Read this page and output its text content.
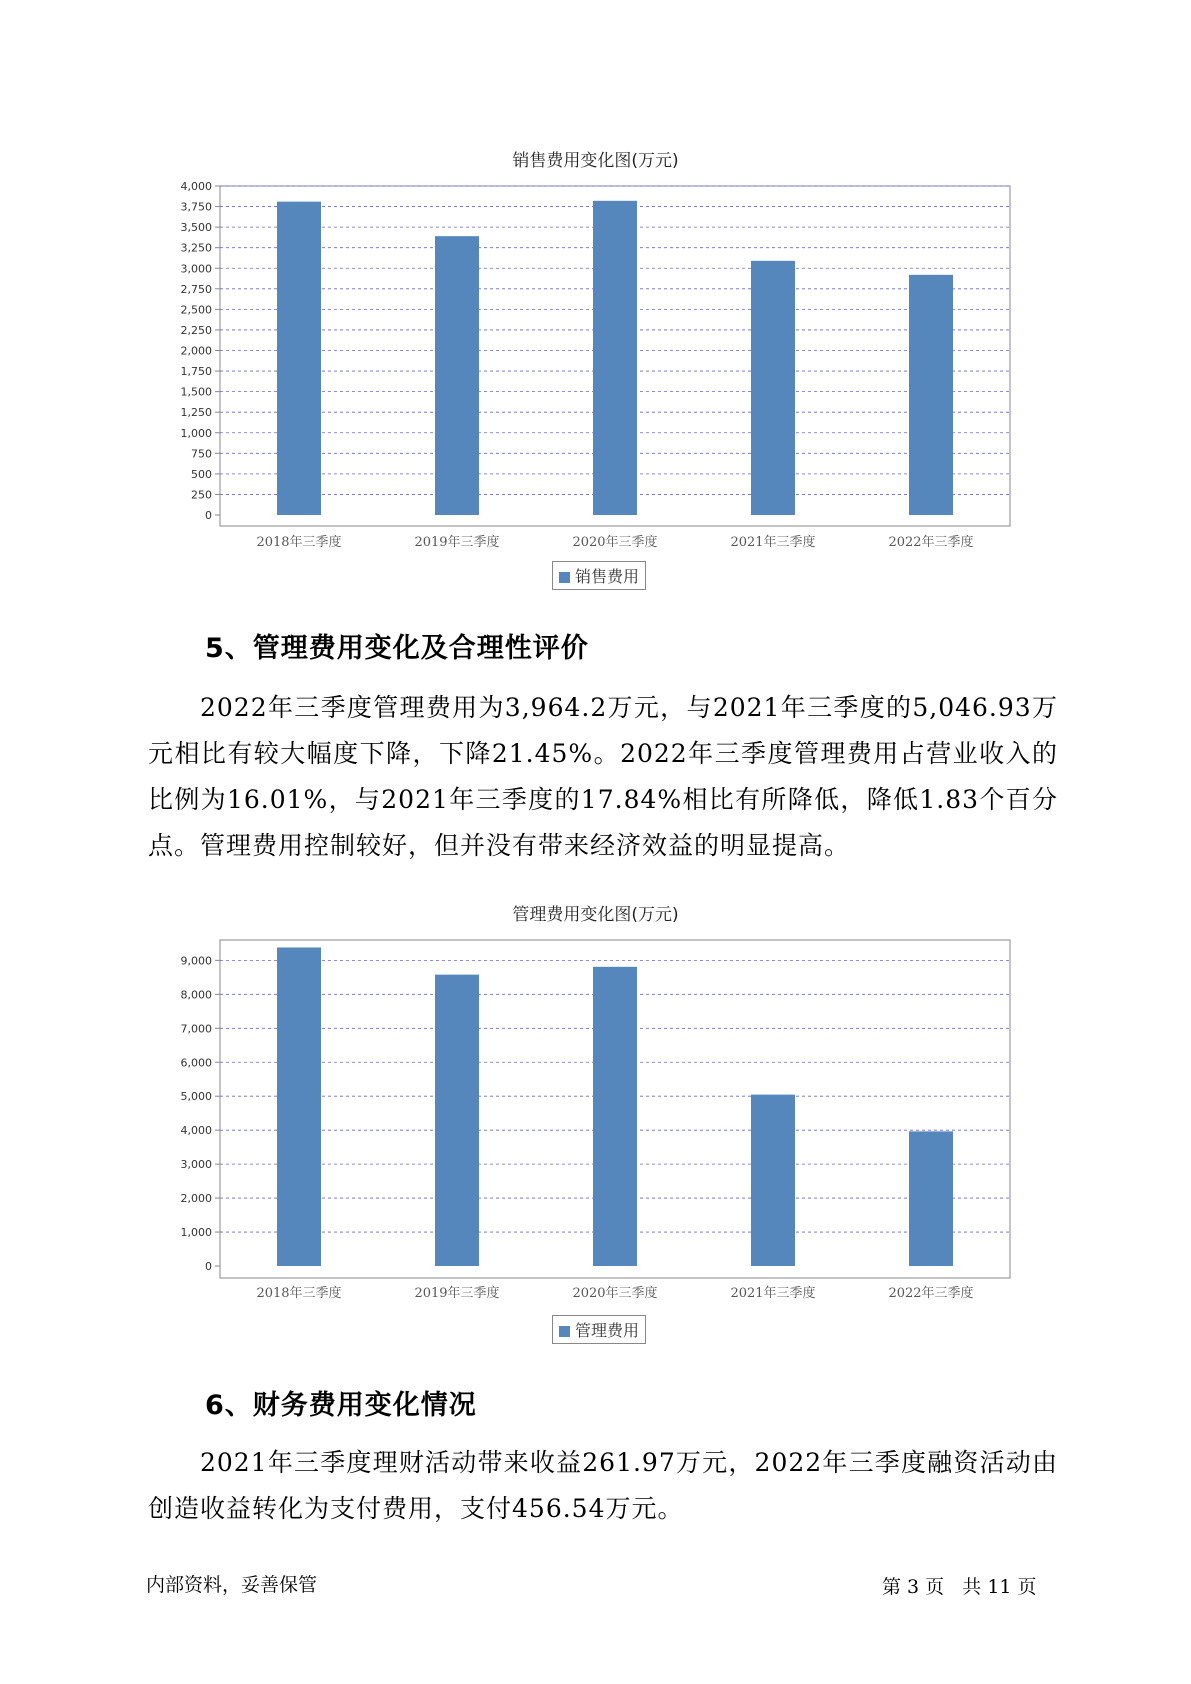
销售费用变化图(万元)
0
250
500
750
1,000
1,250
1,500
1,750
2,000
2,250
2,500
2,750
3,000
3,250
3,500
3,750
4,000
2018年三季度	2019年三季度	2020年三季度	2021年三季度	2022年三季度
销售费用
5、管理费用变化及合理性评价

2022年三季度管理费用为3,964.2万元，与2021年三季度的5,046.93万元相比有较大幅度下降，下降21.45%。2022年三季度管理费用占营业收入的比例为16.01%，与2021年三季度的17.84%相比有所降低，降低1.83个百分点。管理费用控制较好，但并没有带来经济效益的明显提高。

管理费用变化图(万元)
0
1,000
2,000
3,000
4,000
5,000
6,000
7,000
8,000
9,000
2018年三季度	2019年三季度	2020年三季度	2021年三季度	2022年三季度
管理费用
6、财务费用变化情况

2021年三季度理财活动带来收益261.97万元，2022年三季度融资活动由创造收益转化为支付费用，支付456.54万元。

内部资料，妥善保管	第 3 页   共 11 页
